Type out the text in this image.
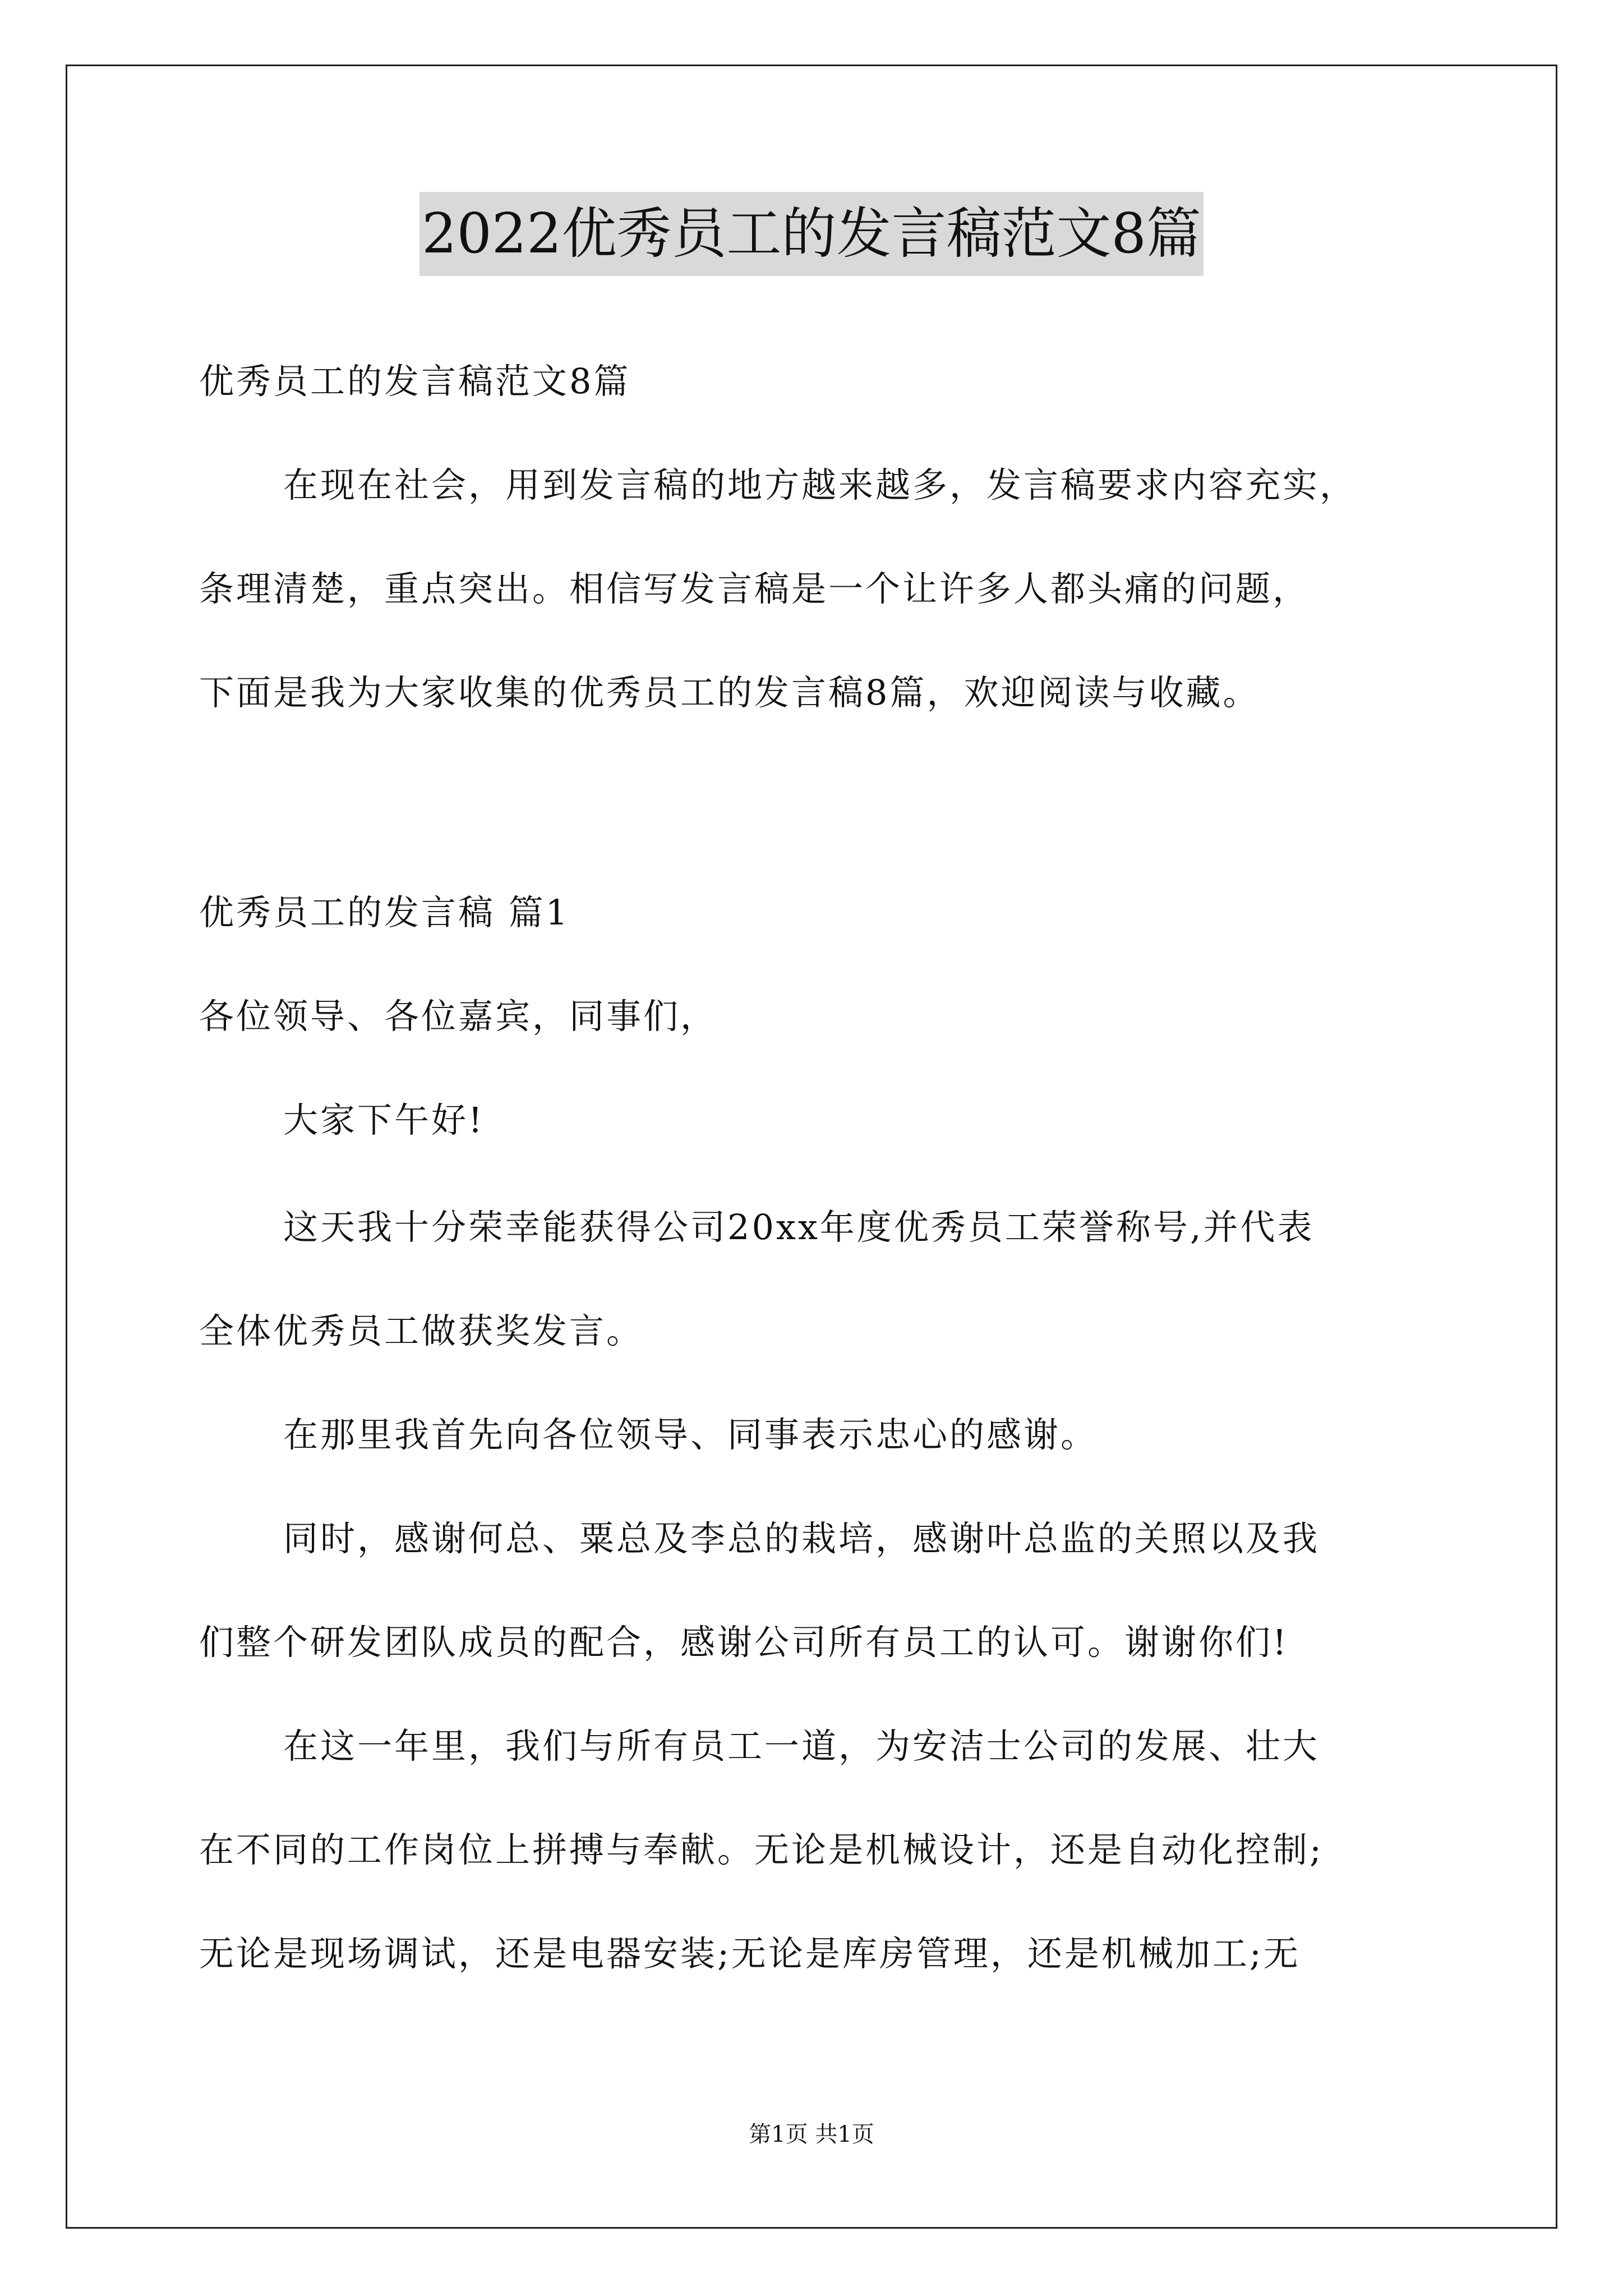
2022优秀员工的发言稿范文8篇
优秀员工的发言稿范文8篇
在现在社会，用到发言稿的地方越来越多，发言稿要求内容充实，
条理清楚，重点突出。相信写发言稿是一个让许多人都头痛的问题，
下面是我为大家收集的优秀员工的发言稿8篇，欢迎阅读与收藏。
优秀员工的发言稿 篇1
各位领导、各位嘉宾，同事们，
大家下午好!
这天我十分荣幸能获得公司20xx年度优秀员工荣誉称号,并代表
全体优秀员工做获奖发言。
在那里我首先向各位领导、同事表示忠心的感谢。
同时，感谢何总、粟总及李总的栽培，感谢叶总监的关照以及我
们整个研发团队成员的配合，感谢公司所有员工的认可。谢谢你们!
在这一年里，我们与所有员工一道，为安洁士公司的发展、壮大
在不同的工作岗位上拼搏与奉献。无论是机械设计，还是自动化控制;
无论是现场调试，还是电器安装;无论是库房管理，还是机械加工;无
第1页 共1页
